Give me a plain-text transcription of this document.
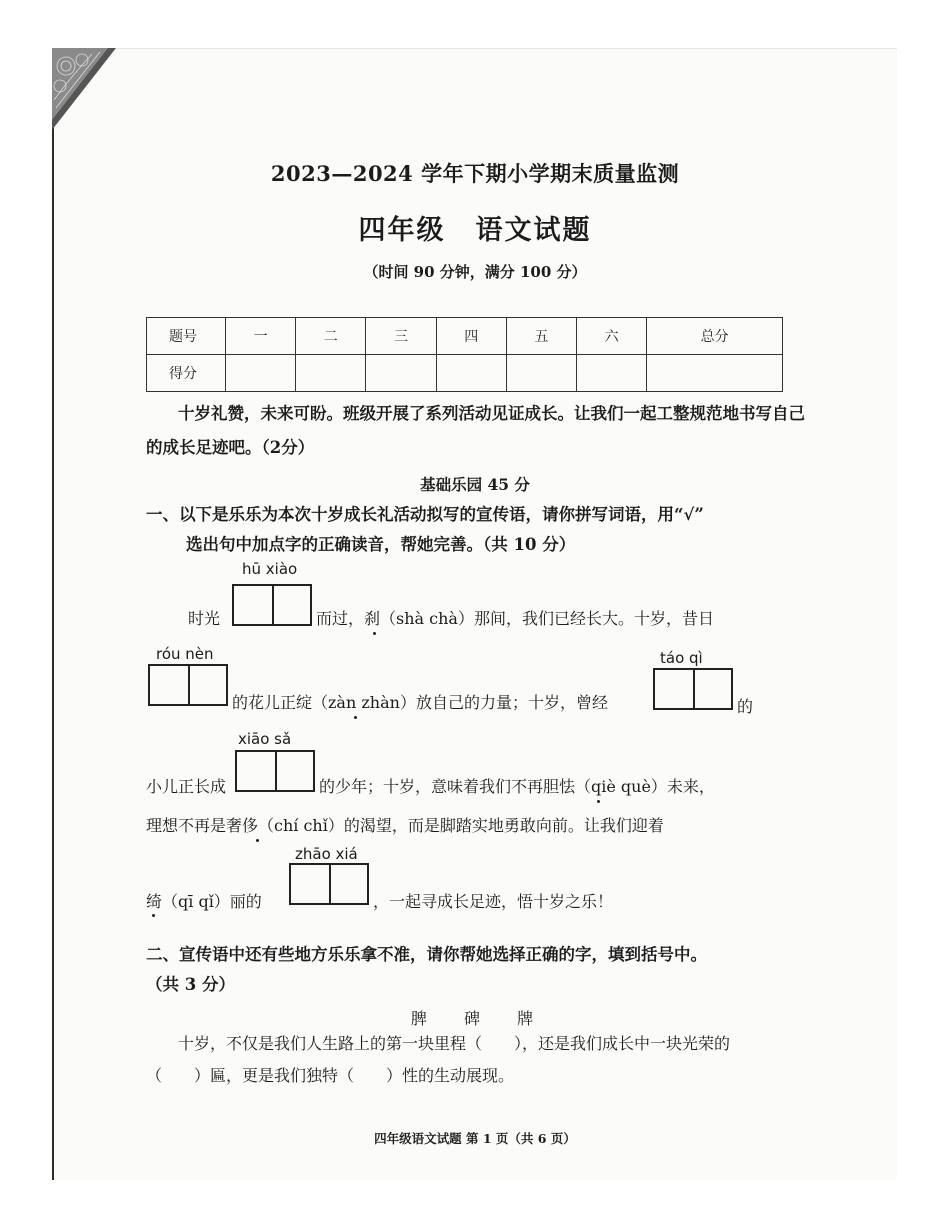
2023—2024 学年下期小学期末质量监测
四年级 语文试题
（时间 90 分钟，满分 100 分）
题号	一	二	三	四	五	六	总分
得分							
十岁礼赞，未来可盼。班级开展了系列活动见证成长。让我们一起工整规范地书写自己的成长足迹吧。（2分）
基础乐园 45 分
一、以下是乐乐为本次十岁成长礼活动拟写的宣传语，请你拼写词语，用“√”
选出句中加点字的正确读音，帮她完善。（共 10 分）
hū xiào
时光	而过，刹（shà chà）那间，我们已经长大。十岁，昔日
róu nèn
的花儿正绽（zàn zhàn）放自己的力量；十岁，曾经
táo qì
的
xiāo sǎ
小儿正长成	的少年；十岁，意味着我们不再胆怯（qiè què）未来，
理想不再是奢侈（chí chǐ）的渴望，而是脚踏实地勇敢向前。让我们迎着
zhāo xiá
绮（qī qǐ）丽的	，一起寻成长足迹，悟十岁之乐！
二、宣传语中还有些地方乐乐拿不准，请你帮她选择正确的字，填到括号中。
（共 3 分）
脾 碑 牌
十岁，不仅是我们人生路上的第一块里程（　　），还是我们成长中一块光荣的（　　）匾，更是我们独特（　　）性的生动展现。
四年级语文试题 第 1 页（共 6 页）
